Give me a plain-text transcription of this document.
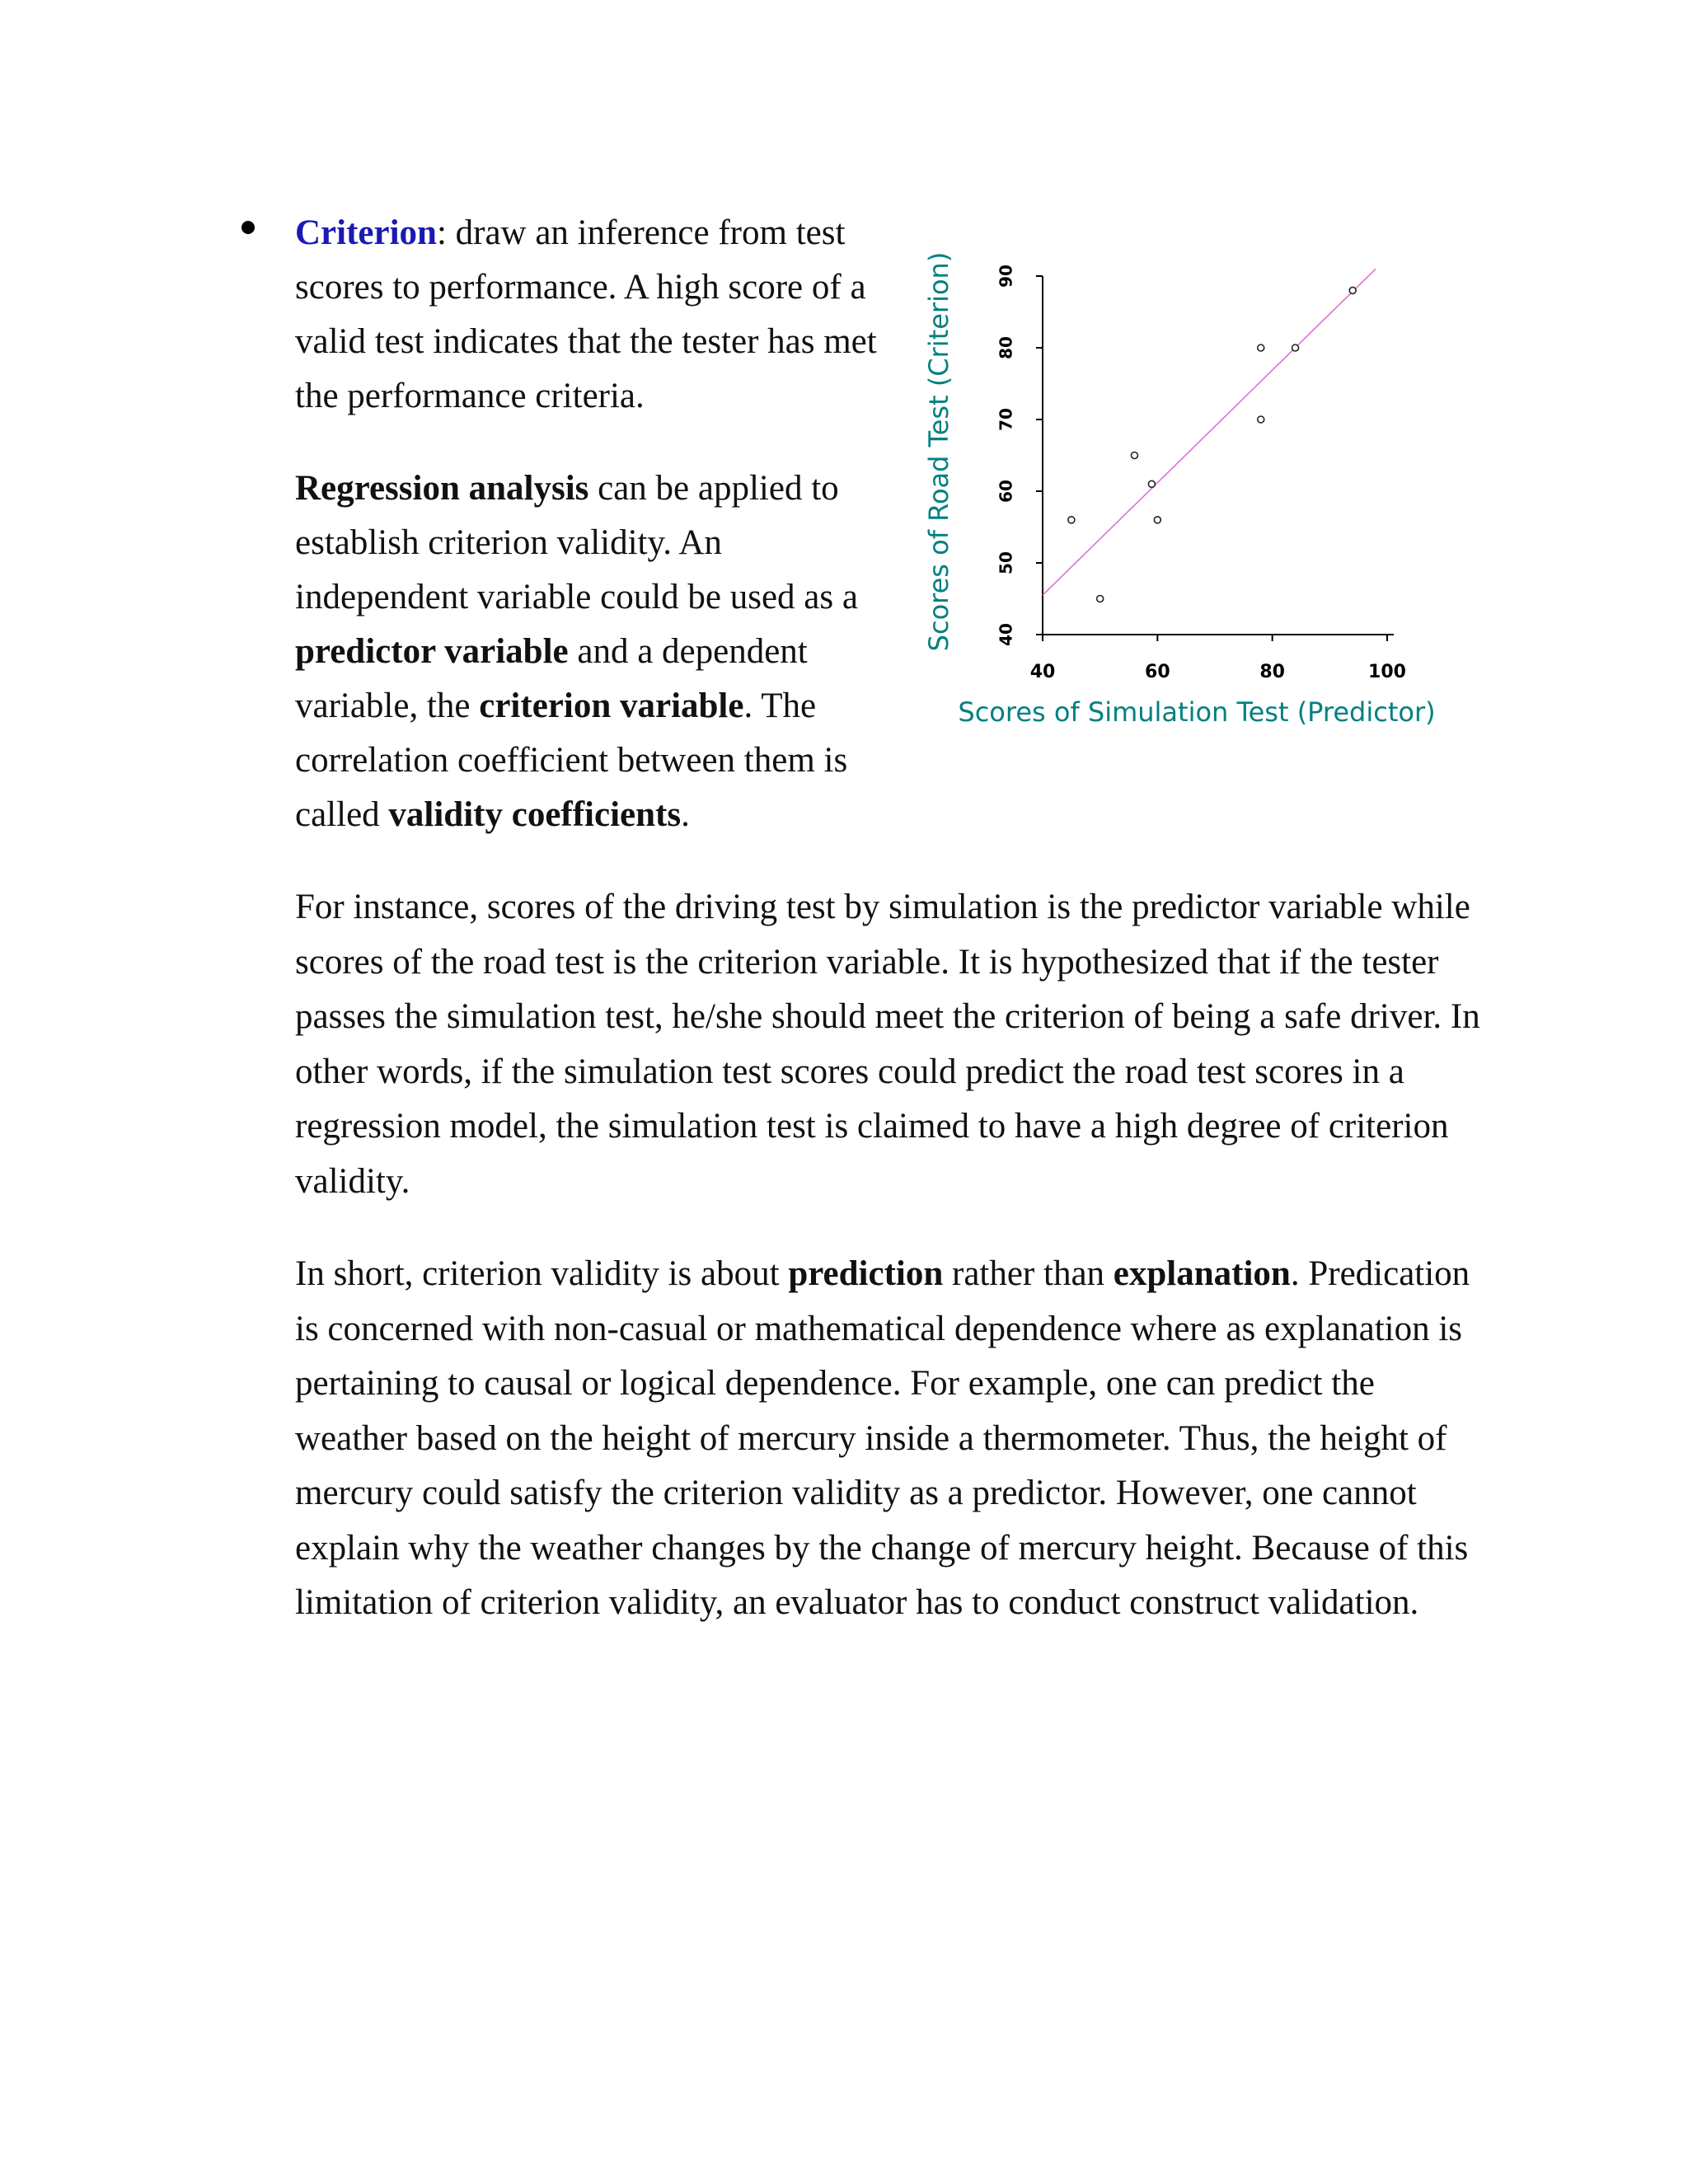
Criterion: draw an inference from test scores to performance. A high score of a valid test indicates that the tester has met the performance criteria.

Regression analysis can be applied to establish criterion validity. An independent variable could be used as a predictor variable and a dependent variable, the criterion variable. The correlation coefficient between them is called validity coefficients.

40
50
60
70
80
90
40	60	80	100
Scores of Simulation Test (Predictor)
Scores of Road Test (Criterion)

For instance, scores of the driving test by simulation is the predictor variable while scores of the road test is the criterion variable. It is hypothesized that if the tester passes the simulation test, he/she should meet the criterion of being a safe driver. In other words, if the simulation test scores could predict the road test scores in a regression model, the simulation test is claimed to have a high degree of criterion validity.

In short, criterion validity is about prediction rather than explanation. Predication is concerned with non-casual or mathematical dependence where as explanation is pertaining to causal or logical dependence. For example, one can predict the weather based on the height of mercury inside a thermometer. Thus, the height of mercury could satisfy the criterion validity as a predictor. However, one cannot explain why the weather changes by the change of mercury height. Because of this limitation of criterion validity, an evaluator has to conduct construct validation.
